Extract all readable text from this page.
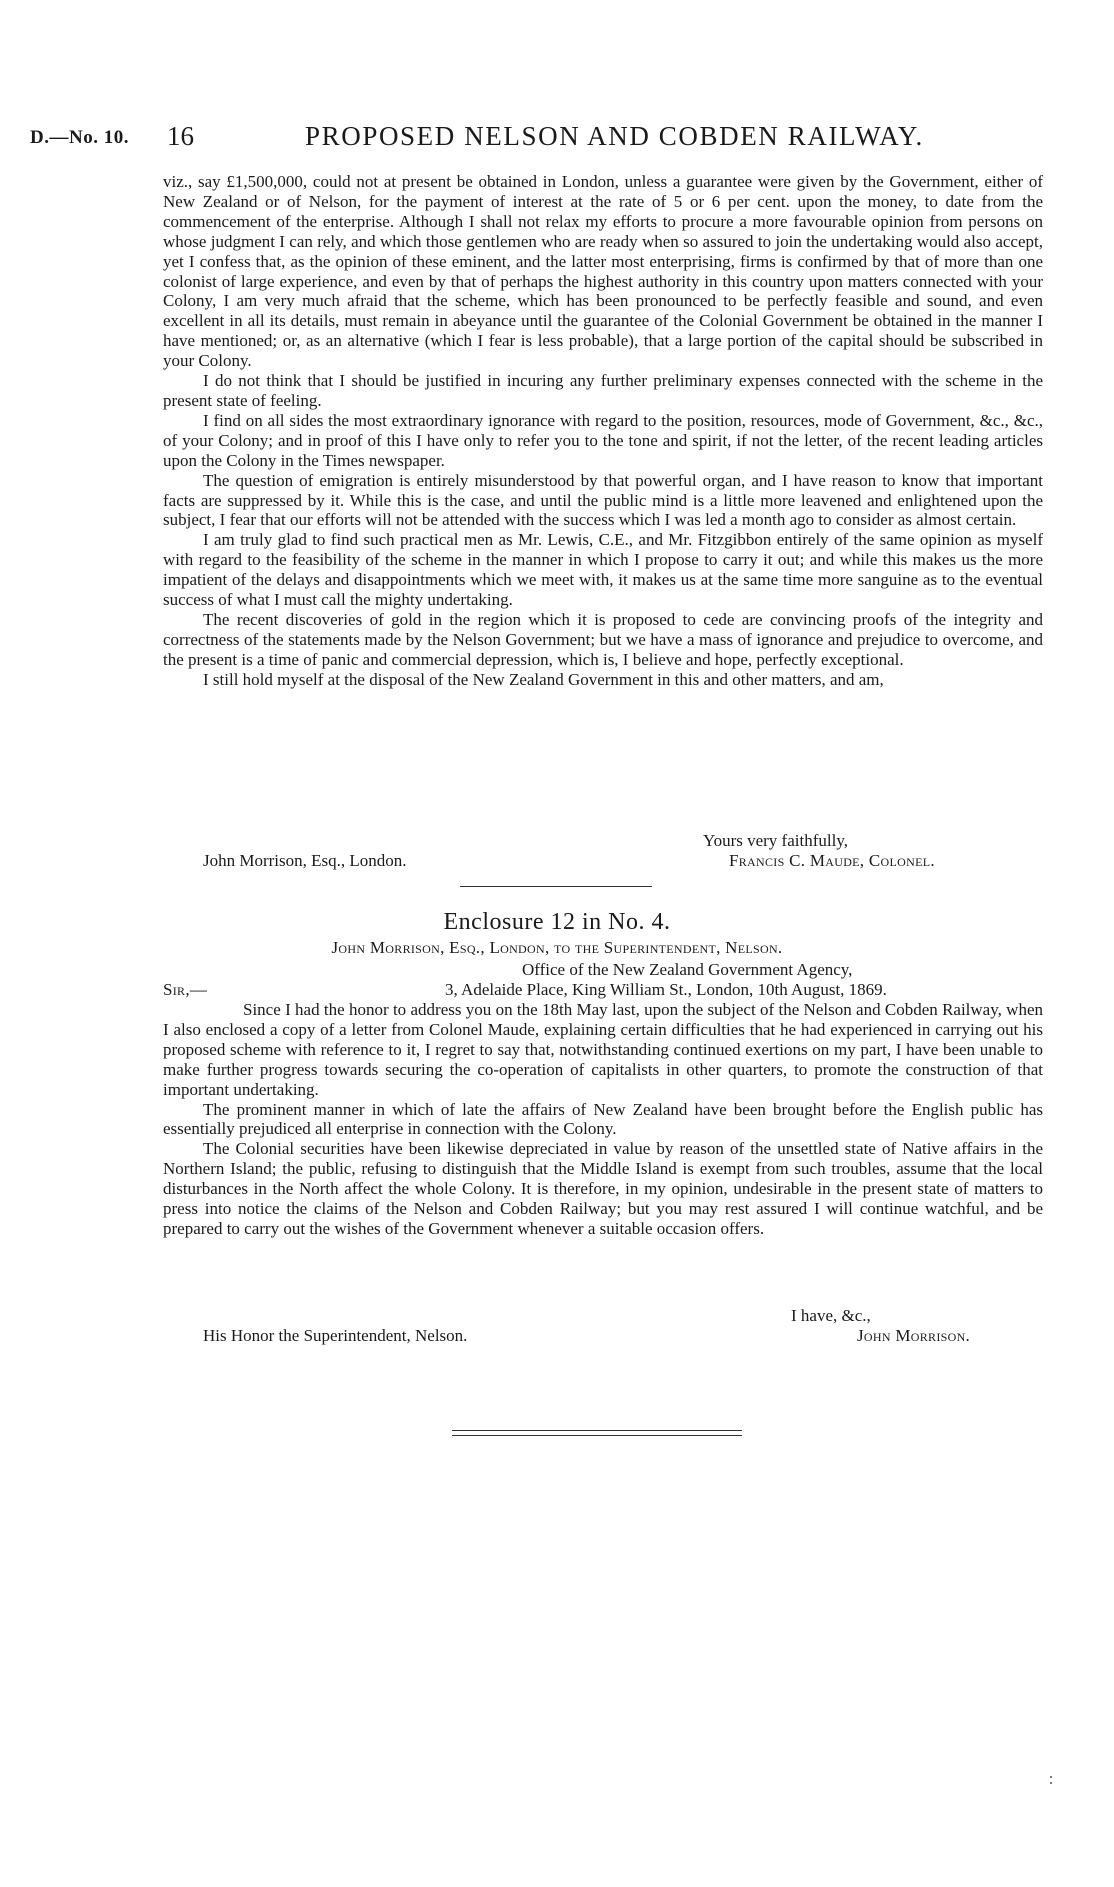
D.—No. 10. 16	PROPOSED NELSON AND COBDEN RAILWAY.

viz., say £1,500,000, could not at present be obtained in London, unless a guarantee were given by the Government, either of New Zealand or of Nelson, for the payment of interest at the rate of 5 or 6 per cent. upon the money, to date from the commencement of the enterprise. Although I shall not relax my efforts to procure a more favourable opinion from persons on whose judgment I can rely, and which those gentlemen who are ready when so assured to join the undertaking would also accept, yet I confess that, as the opinion of these eminent, and the latter most enterprising, firms is confirmed by that of more than one colonist of large experience, and even by that of perhaps the highest authority in this country upon matters connected with your Colony, I am very much afraid that the scheme, which has been pronounced to be perfectly feasible and sound, and even excellent in all its details, must remain in abeyance until the guarantee of the Colonial Government be obtained in the manner I have mentioned; or, as an alternative (which I fear is less probable), that a large portion of the capital should be subscribed in your Colony.

I do not think that I should be justified in incuring any further preliminary expenses connected with the scheme in the present state of feeling.

I find on all sides the most extraordinary ignorance with regard to the position, resources, mode of Government, &c., &c., of your Colony; and in proof of this I have only to refer you to the tone and spirit, if not the letter, of the recent leading articles upon the Colony in the Times newspaper.

The question of emigration is entirely misunderstood by that powerful organ, and I have reason to know that important facts are suppressed by it. While this is the case, and until the public mind is a little more leavened and enlightened upon the subject, I fear that our efforts will not be attended with the success which I was led a month ago to consider as almost certain.

I am truly glad to find such practical men as Mr. Lewis, C.E., and Mr. Fitzgibbon entirely of the same opinion as myself with regard to the feasibility of the scheme in the manner in which I propose to carry it out; and while this makes us the more impatient of the delays and disappointments which we meet with, it makes us at the same time more sanguine as to the eventual success of what I must call the mighty undertaking.

The recent discoveries of gold in the region which it is proposed to cede are convincing proofs of the integrity and correctness of the statements made by the Nelson Government; but we have a mass of ignorance and prejudice to overcome, and the present is a time of panic and commercial depression, which is, I believe and hope, perfectly exceptional.

I still hold myself at the disposal of the New Zealand Government in this and other matters, and am,

Yours very faithfully,
John Morrison, Esq., London.	Francis C. Maude, Colonel.
Enclosure 12 in No. 4.
John Morrison, Esq., London, to the Superintendent, Nelson.
Office of the New Zealand Government Agency,
Sir,—	3, Adelaide Place, King William St., London, 10th August, 1869.

Since I had the honor to address you on the 18th May last, upon the subject of the Nelson and Cobden Railway, when I also enclosed a copy of a letter from Colonel Maude, explaining certain difficulties that he had experienced in carrying out his proposed scheme with reference to it, I regret to say that, notwithstanding continued exertions on my part, I have been unable to make further progress towards securing the co-operation of capitalists in other quarters, to promote the construction of that important undertaking.

The prominent manner in which of late the affairs of New Zealand have been brought before the English public has essentially prejudiced all enterprise in connection with the Colony.

The Colonial securities have been likewise depreciated in value by reason of the unsettled state of Native affairs in the Northern Island; the public, refusing to distinguish that the Middle Island is exempt from such troubles, assume that the local disturbances in the North affect the whole Colony. It is therefore, in my opinion, undesirable in the present state of matters to press into notice the claims of the Nelson and Cobden Railway; but you may rest assured I will continue watchful, and be prepared to carry out the wishes of the Government whenever a suitable occasion offers.

I have, &c.,
His Honor the Superintendent, Nelson.	John Morrison.
